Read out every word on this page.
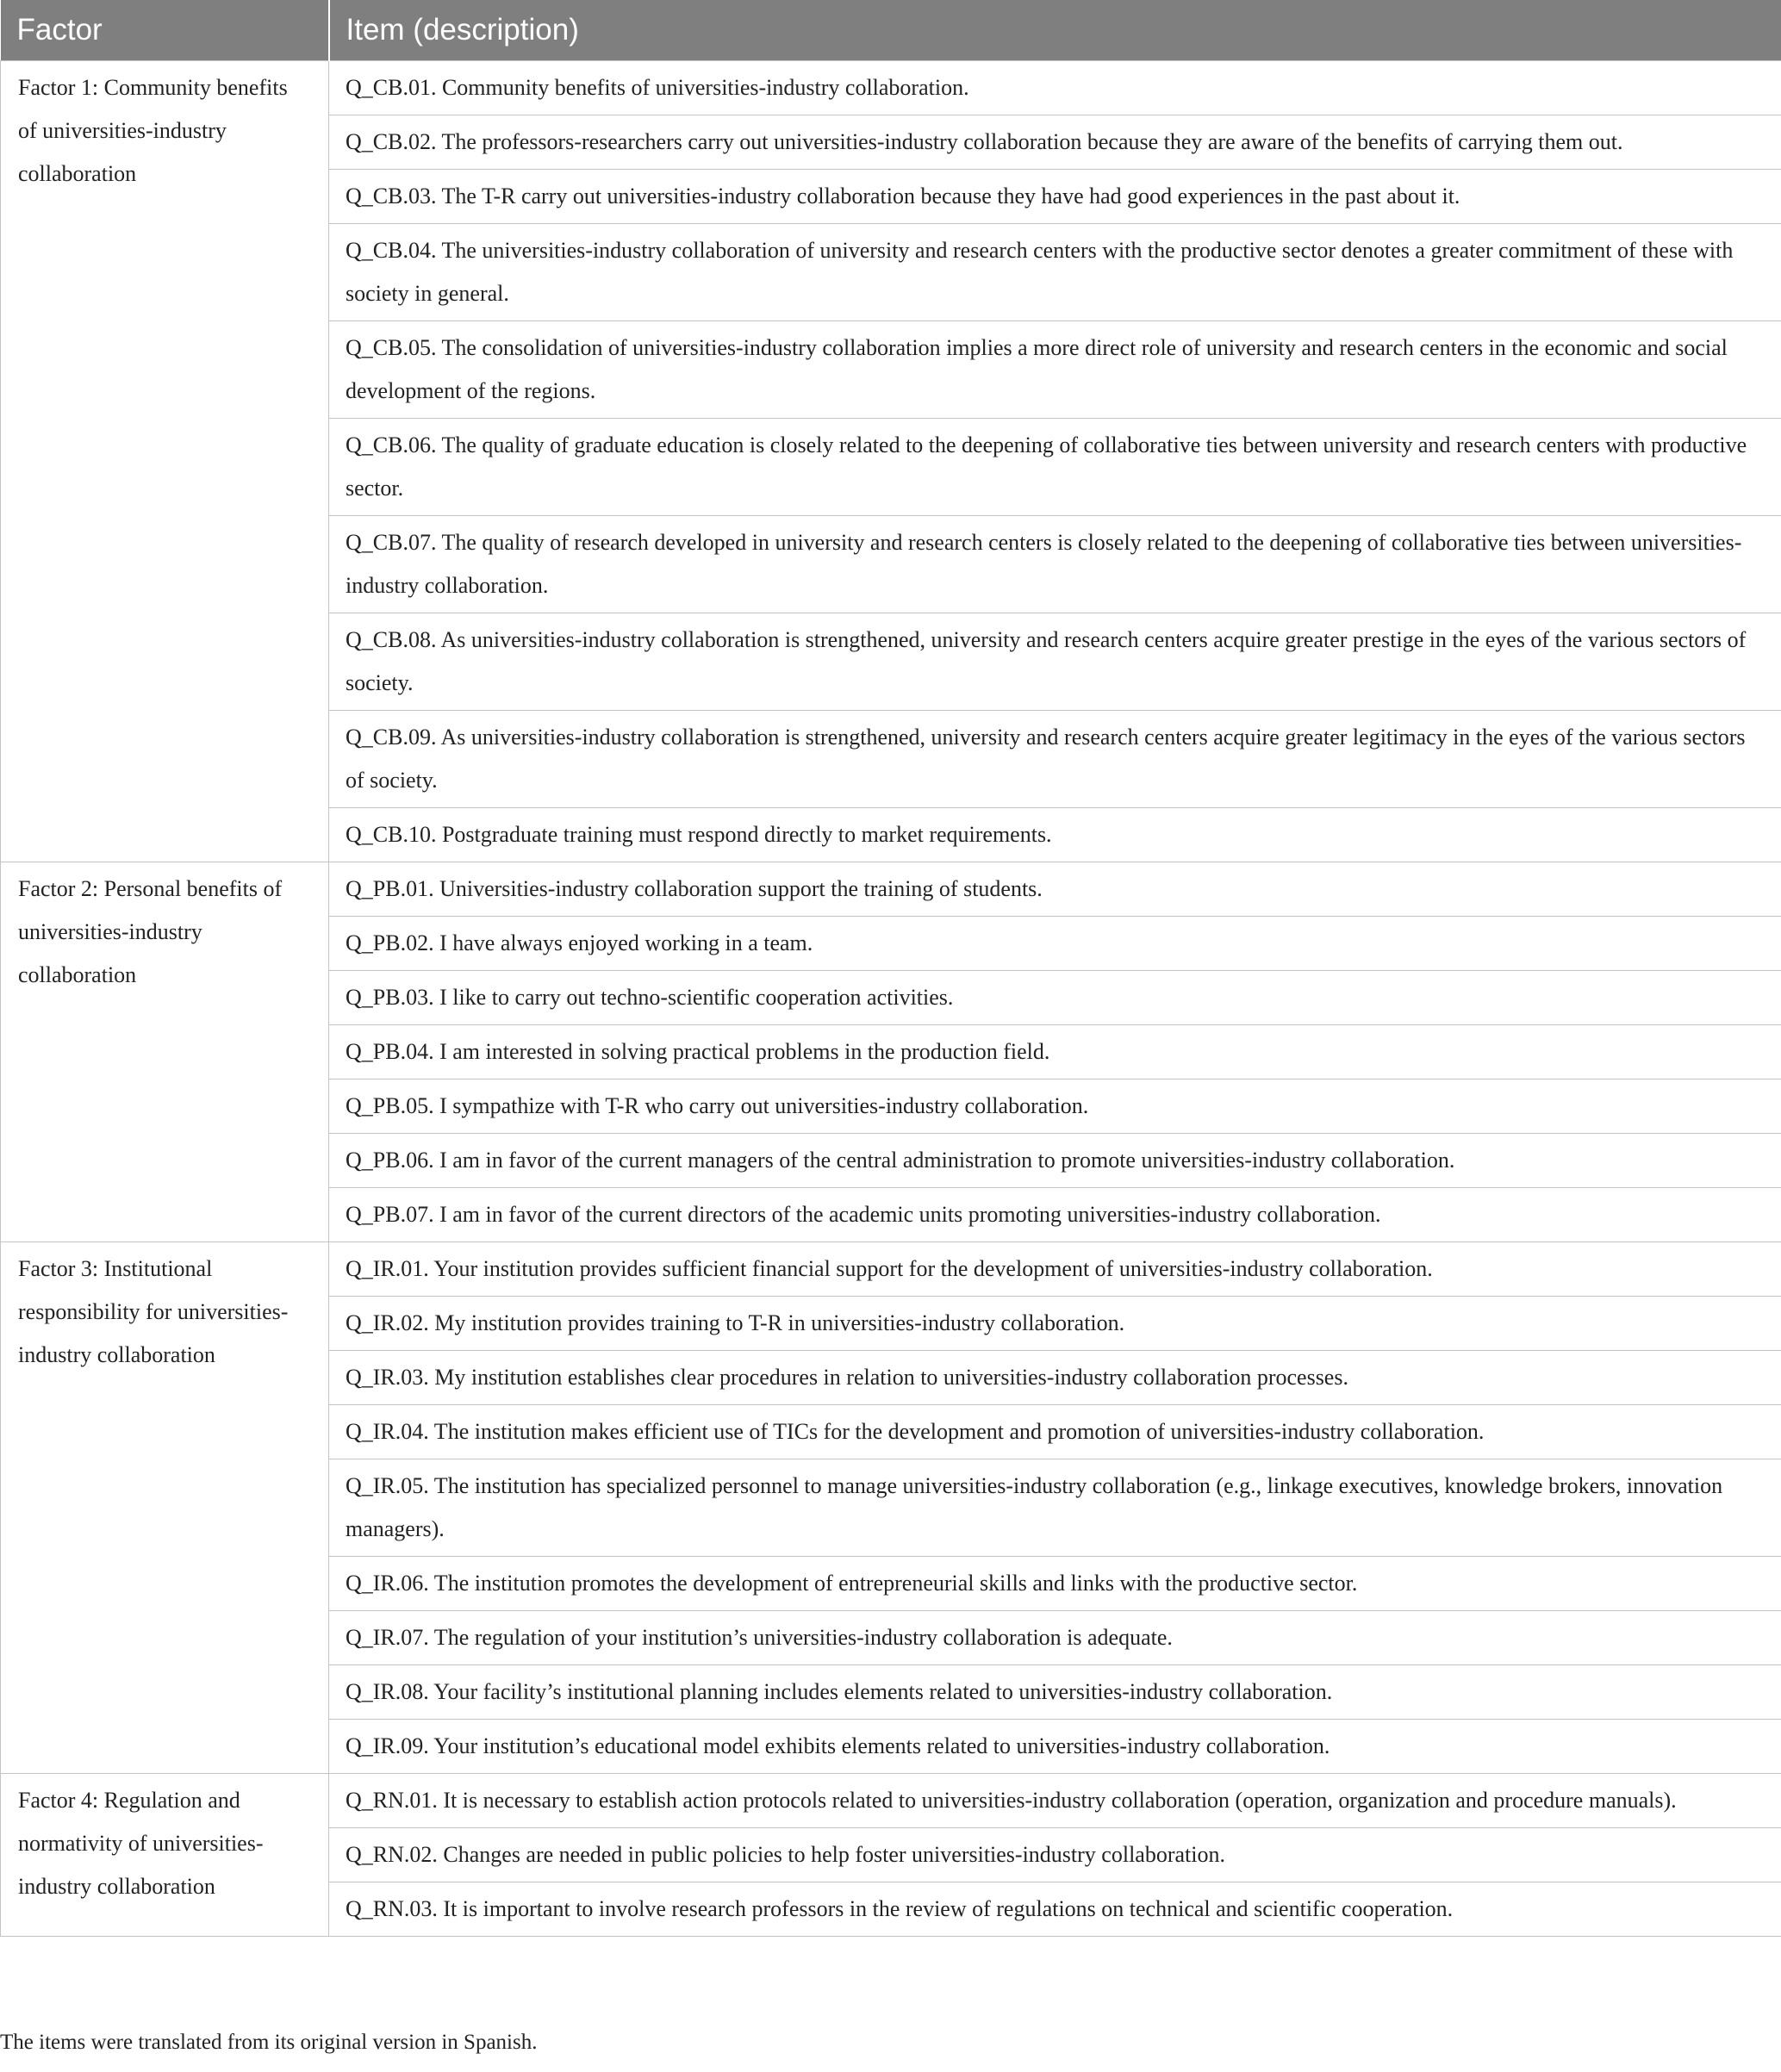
Factor	Item (description)
Factor 1: Community benefits of universities-industry collaboration	Q_CB.01. Community benefits of universities-industry collaboration.
	Q_CB.02. The professors-researchers carry out universities-industry collaboration because they are aware of the benefits of carrying them out.
	Q_CB.03. The T-R carry out universities-industry collaboration because they have had good experiences in the past about it.
	Q_CB.04. The universities-industry collaboration of university and research centers with the productive sector denotes a greater commitment of these with society in general.
	Q_CB.05. The consolidation of universities-industry collaboration implies a more direct role of university and research centers in the economic and social development of the regions.
	Q_CB.06. The quality of graduate education is closely related to the deepening of collaborative ties between university and research centers with productive sector.
	Q_CB.07. The quality of research developed in university and research centers is closely related to the deepening of collaborative ties between universities-industry collaboration.
	Q_CB.08. As universities-industry collaboration is strengthened, university and research centers acquire greater prestige in the eyes of the various sectors of society.
	Q_CB.09. As universities-industry collaboration is strengthened, university and research centers acquire greater legitimacy in the eyes of the various sectors of society.
	Q_CB.10. Postgraduate training must respond directly to market requirements.
Factor 2: Personal benefits of universities-industry collaboration	Q_PB.01. Universities-industry collaboration support the training of students.
	Q_PB.02. I have always enjoyed working in a team.
	Q_PB.03. I like to carry out techno-scientific cooperation activities.
	Q_PB.04. I am interested in solving practical problems in the production field.
	Q_PB.05. I sympathize with T-R who carry out universities-industry collaboration.
	Q_PB.06. I am in favor of the current managers of the central administration to promote universities-industry collaboration.
	Q_PB.07. I am in favor of the current directors of the academic units promoting universities-industry collaboration.
Factor 3: Institutional responsibility for universities-industry collaboration	Q_IR.01. Your institution provides sufficient financial support for the development of universities-industry collaboration.
	Q_IR.02. My institution provides training to T-R in universities-industry collaboration.
	Q_IR.03. My institution establishes clear procedures in relation to universities-industry collaboration processes.
	Q_IR.04. The institution makes efficient use of TICs for the development and promotion of universities-industry collaboration.
	Q_IR.05. The institution has specialized personnel to manage universities-industry collaboration (e.g., linkage executives, knowledge brokers, innovation managers).
	Q_IR.06. The institution promotes the development of entrepreneurial skills and links with the productive sector.
	Q_IR.07. The regulation of your institution’s universities-industry collaboration is adequate.
	Q_IR.08. Your facility’s institutional planning includes elements related to universities-industry collaboration.
	Q_IR.09. Your institution’s educational model exhibits elements related to universities-industry collaboration.
Factor 4: Regulation and normativity of universities-industry collaboration	Q_RN.01. It is necessary to establish action protocols related to universities-industry collaboration (operation, organization and procedure manuals).
	Q_RN.02. Changes are needed in public policies to help foster universities-industry collaboration.
	Q_RN.03. It is important to involve research professors in the review of regulations on technical and scientific cooperation.
The items were translated from its original version in Spanish.
